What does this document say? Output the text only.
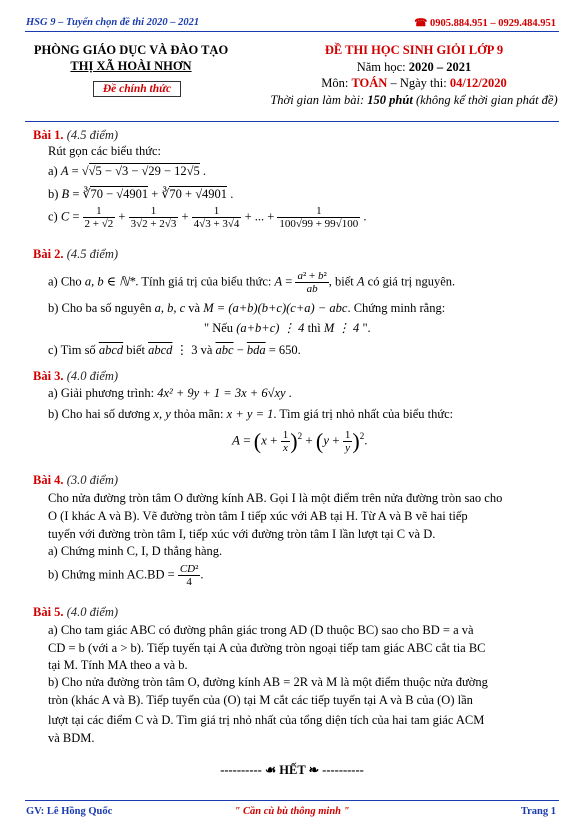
HSG 9 – Tuyển chọn đề thi 2020 – 2021	☎ 0905.884.951 – 0929.484.951
PHÒNG GIÁO DỤC VÀ ĐÀO TẠO
THỊ XÃ HOÀI NHƠN
Đề chính thức
ĐỀ THI HỌC SINH GIỎI LỚP 9
Năm học: 2020 – 2021
Môn: TOÁN – Ngày thi: 04/12/2020
Thời gian làm bài: 150 phút (không kể thời gian phát đề)
Bài 1. (4.5 điểm)
Rút gọn các biểu thức:
a) A = √√5 − √3 − √29 − 12√5 .
b) B = ∛70 − √4901 + ∛70 + √4901 .
c) $C = \frac{1}{2 + √2} + \frac{1}{3√2 + 2√3} + \frac{1}{4√3 + 3√4}$ + ... + $\frac{1}{100√99 + 99√100}$ .
Bài 2. (4.5 điểm)
a) Cho a, b ∈ ℕ*. Tính giá trị của biểu thức: $A = \frac{\text{a² + b²}}{ab}$ , biết A có giá trị nguyên.
b) Cho ba số nguyên a, b, c và M = (a+b)(b+c)(c+a) − abc. Chứng minh rằng:
" Nếu (a+b+c) ⋮ 4 thì M ⋮ 4 ".
c) Tìm số abcd biết abcd ⋮ 3 và $\overline{abc} - \overline{bda} = 650$.
Bài 3. (4.0 điểm)
a) Giải phương trình: 4x² + 9y + 1 = 3x + 6√xy .
b) Cho hai số dương x, y thỏa mãn: x + y = 1. Tìm giá trị nhỏ nhất của biểu thức:
$A = (x + \frac{1}{x} )^2 + (y + \frac{1}{y} )^2$.
Bài 4. (3.0 điểm)
Cho nửa đường tròn tâm O đường kính AB. Gọi I là một điểm trên nửa đường tròn sao cho
O (I khác A và B). Vẽ đường tròn tâm I tiếp xúc với AB tại H. Từ A và B vẽ hai tiếp
tuyến với đường tròn tâm I, tiếp xúc với đường tròn tâm I lần lượt tại C và D.
a) Chứng minh C, I, D thẳng hàng.
b) Chứng minh $AC.BD = \frac{\text{CD²}}{4}$ .
Bài 5. (4.0 điểm)
a) Cho tam giác ABC có đường phân giác trong AD (D thuộc BC) sao cho BD = a và
CD = b (với a > b). Tiếp tuyến tại A của đường tròn ngoại tiếp tam giác ABC cắt tia BC
tại M. Tính MA theo a và b.
b) Cho nửa đường tròn tâm O, đường kính AB = 2R và M là một điểm thuộc nửa đường
tròn (khác A và B). Tiếp tuyến của (O) tại M cắt các tiếp tuyến tại A và B của (O) lần
lượt tại các điểm C và D. Tìm giá trị nhỏ nhất của tổng diện tích của hai tam giác ACM
và BDM.
---------- ☙ HẾT ❧ ----------
GV: Lê Hồng Quốc	" Cần cù bù thông minh "	Trang 1
